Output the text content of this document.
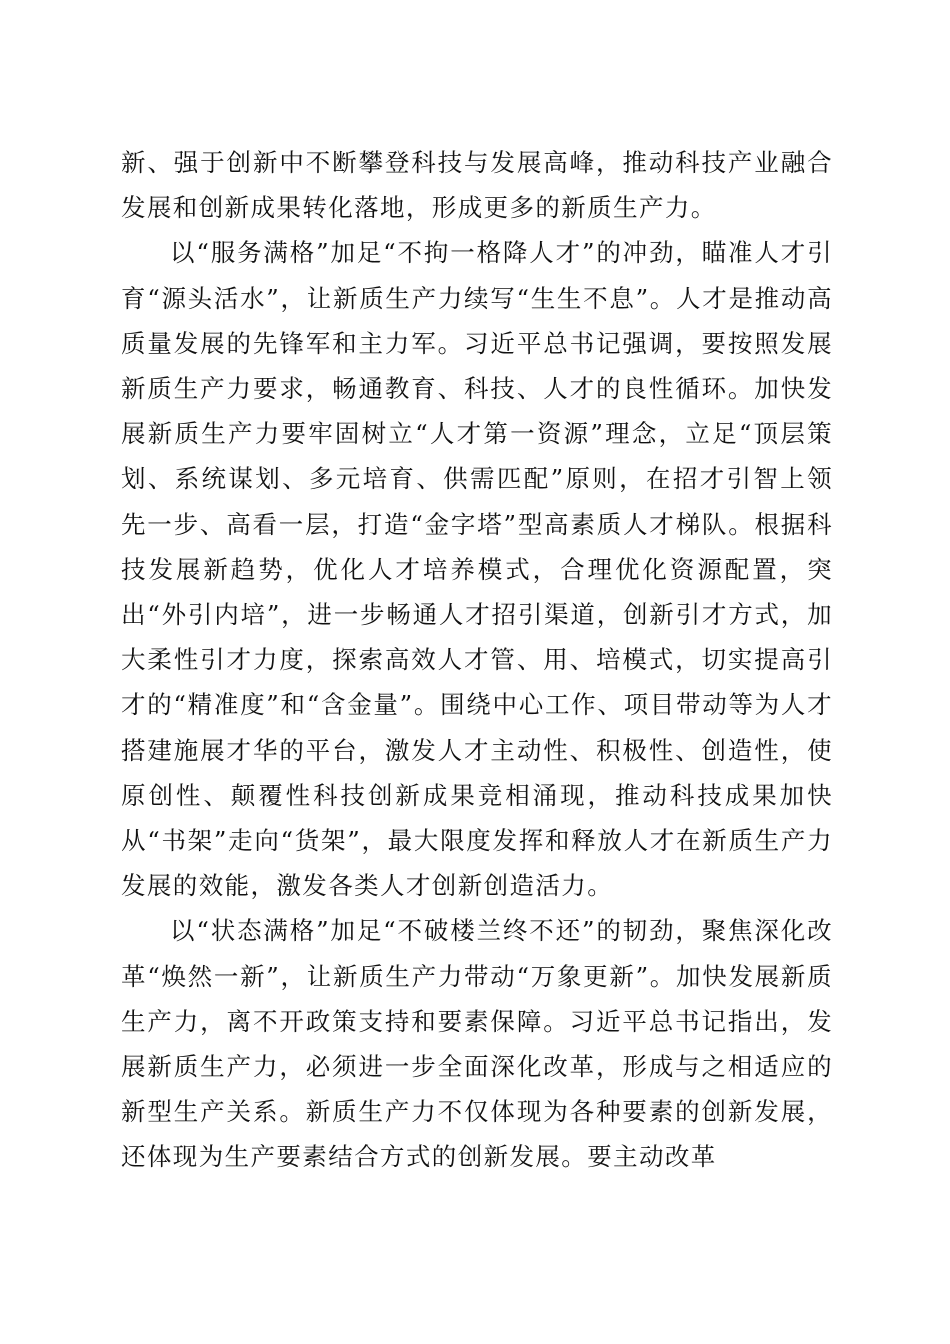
新、强于创新中不断攀登科技与发展高峰，推动科技产业融合发展和创新成果转化落地，形成更多的新质生产力。

以“服务满格”加足“不拘一格降人才”的冲劲，瞄准人才引育“源头活水”，让新质生产力续写“生生不息”。人才是推动高质量发展的先锋军和主力军。习近平总书记强调，要按照发展新质生产力要求，畅通教育、科技、人才的良性循环。加快发展新质生产力要牢固树立“人才第一资源”理念，立足“顶层策划、系统谋划、多元培育、供需匹配”原则，在招才引智上领先一步、高看一层，打造“金字塔”型高素质人才梯队。根据科技发展新趋势，优化人才培养模式，合理优化资源配置，突出“外引内培”，进一步畅通人才招引渠道，创新引才方式，加大柔性引才力度，探索高效人才管、用、培模式，切实提高引才的“精准度”和“含金量”。围绕中心工作、项目带动等为人才搭建施展才华的平台，激发人才主动性、积极性、创造性，使原创性、颠覆性科技创新成果竞相涌现，推动科技成果加快从“书架”走向“货架”，最大限度发挥和释放人才在新质生产力发展的效能，激发各类人才创新创造活力。

以“状态满格”加足“不破楼兰终不还”的韧劲，聚焦深化改革“焕然一新”，让新质生产力带动“万象更新”。加快发展新质生产力，离不开政策支持和要素保障。习近平总书记指出，发展新质生产力，必须进一步全面深化改革，形成与之相适应的新型生产关系。新质生产力不仅体现为各种要素的创新发展，还体现为生产要素结合方式的创新发展。要主动改革
